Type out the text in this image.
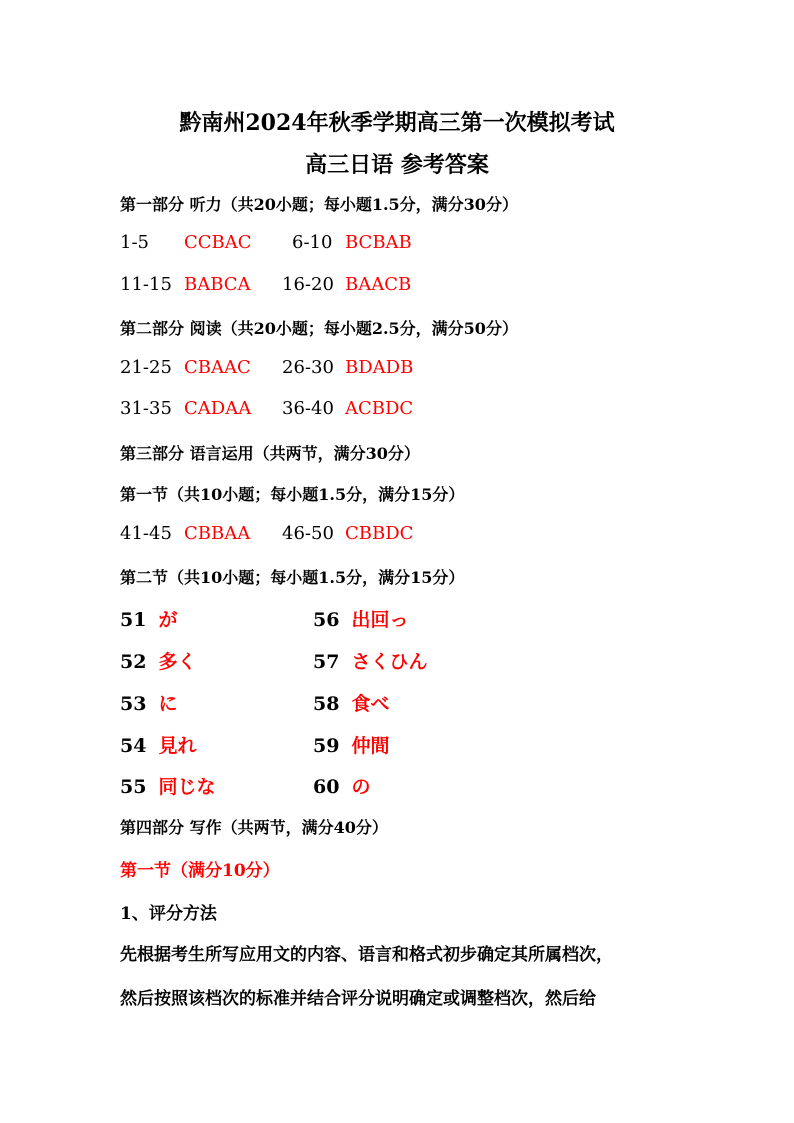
黔南州2024年秋季学期高三第一次模拟考试
高三日语 参考答案
第一部分 听力（共20小题；每小题1.5分，满分30分）
1-5 CCBAC 6-10 BCBAB
11-15 BABCA 16-20 BAACB
第二部分 阅读（共20小题；每小题2.5分，满分50分）
21-25 CBAAC 26-30 BDADB
31-35 CADAA 36-40 ACBDC
第三部分 语言运用（共两节，满分30分）
第一节（共10小题；每小题1.5分，满分15分）
41-45 CBBAA 46-50 CBBDC
第二节（共10小题；每小题1.5分，满分15分）
51 が
52 多く
53 に
54 見れ
55 同じな
56 出回っ
57 さくひん
58 食べ
59 仲間
60 の
第四部分 写作（共两节，满分40分）
第一节（满分10分）
1、评分方法
先根据考生所写应用文的内容、语言和格式初步确定其所属档次，
然后按照该档次的标准并结合评分说明确定或调整档次，然后给
